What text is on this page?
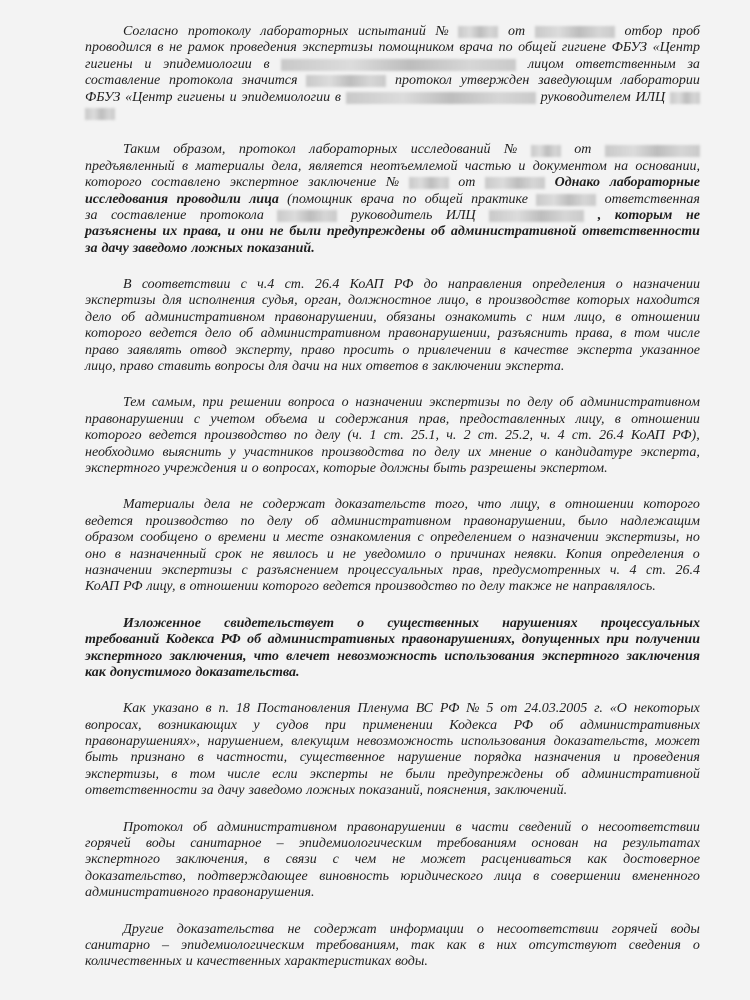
Согласно протоколу лабораторных испытаний №	от	отбор проб
проводился в не рамок проведения экспертизы помощником врача по общей гигиене ФБУЗ «Центр
гигиены и эпидемиологии в	лицом ответственным за
составление протокола значится	протокол утвержден заведующим лаборатории
ФБУЗ «Центр гигиены и эпидемиологии в	руководителем ИЛЦ
Таким образом, протокол лабораторных исследований №	от
предъявленный в материалы дела, является неотъемлемой частью и документом на основании,
которого составлено экспертное заключение №	от	Однако лабораторные
исследования проводили лица (помощник врача по общей практике	ответственная
за составление протокола	руководитель ИЛЦ	, которым не
разъяснены их права, и они не были предупреждены об административной ответственности
за дачу заведомо ложных показаний.
В соответствии с ч.4 ст. 26.4 КоАП РФ до направления определения о назначении
экспертизы для исполнения судья, орган, должностное лицо, в производстве которых находится
дело об административном правонарушении, обязаны ознакомить с ним лицо, в отношении
которого ведется дело об административном правонарушении, разъяснить права, в том числе
право заявлять отвод эксперту, право просить о привлечении в качестве эксперта указанное
лицо, право ставить вопросы для дачи на них ответов в заключении эксперта.
Тем самым, при решении вопроса о назначении экспертизы по делу об административном
правонарушении с учетом объема и содержания прав, предоставленных лицу, в отношении
которого ведется производство по делу (ч. 1 ст. 25.1, ч. 2 ст. 25.2, ч. 4 ст. 26.4 КоАП РФ),
необходимо выяснить у участников производства по делу их мнение о кандидатуре эксперта,
экспертного учреждения и о вопросах, которые должны быть разрешены экспертом.
Материалы дела не содержат доказательств того, что лицу, в отношении которого
ведется производство по делу об административном правонарушении, было надлежащим
образом сообщено о времени и месте ознакомления с определением о назначении экспертизы, но
оно в назначенный срок не явилось и не уведомило о причинах неявки. Копия определения о
назначении экспертизы с разъяснением процессуальных прав, предусмотренных ч. 4 ст. 26.4
КоАП РФ лицу, в отношении которого ведется производство по делу также не направлялось.
Изложенное свидетельствует о существенных нарушениях процессуальных
требований Кодекса РФ об административных правонарушениях, допущенных при получении
экспертного заключения, что влечет невозможность использования экспертного заключения
как допустимого доказательства.
Как указано в п. 18 Постановления Пленума ВС РФ № 5 от 24.03.2005 г. «О некоторых
вопросах, возникающих у судов при применении Кодекса РФ об административных
правонарушениях», нарушением, влекущим невозможность использования доказательств, может
быть признано в частности, существенное нарушение порядка назначения и проведения
экспертизы, в том числе если эксперты не были предупреждены об административной
ответственности за дачу заведомо ложных показаний, пояснения, заключений.
Протокол об административном правонарушении в части сведений о несоответствии
горячей воды санитарное – эпидемиологическим требованиям основан на результатах
экспертного заключения, в связи с чем не может расцениваться как достоверное
доказательство, подтверждающее виновность юридического лица в совершении вмененного
административного правонарушения.
Другие доказательства не содержат информации о несоответствии горячей воды
санитарно – эпидемиологическим требованиям, так как в них отсутствуют сведения о
количественных и качественных характеристиках воды.
